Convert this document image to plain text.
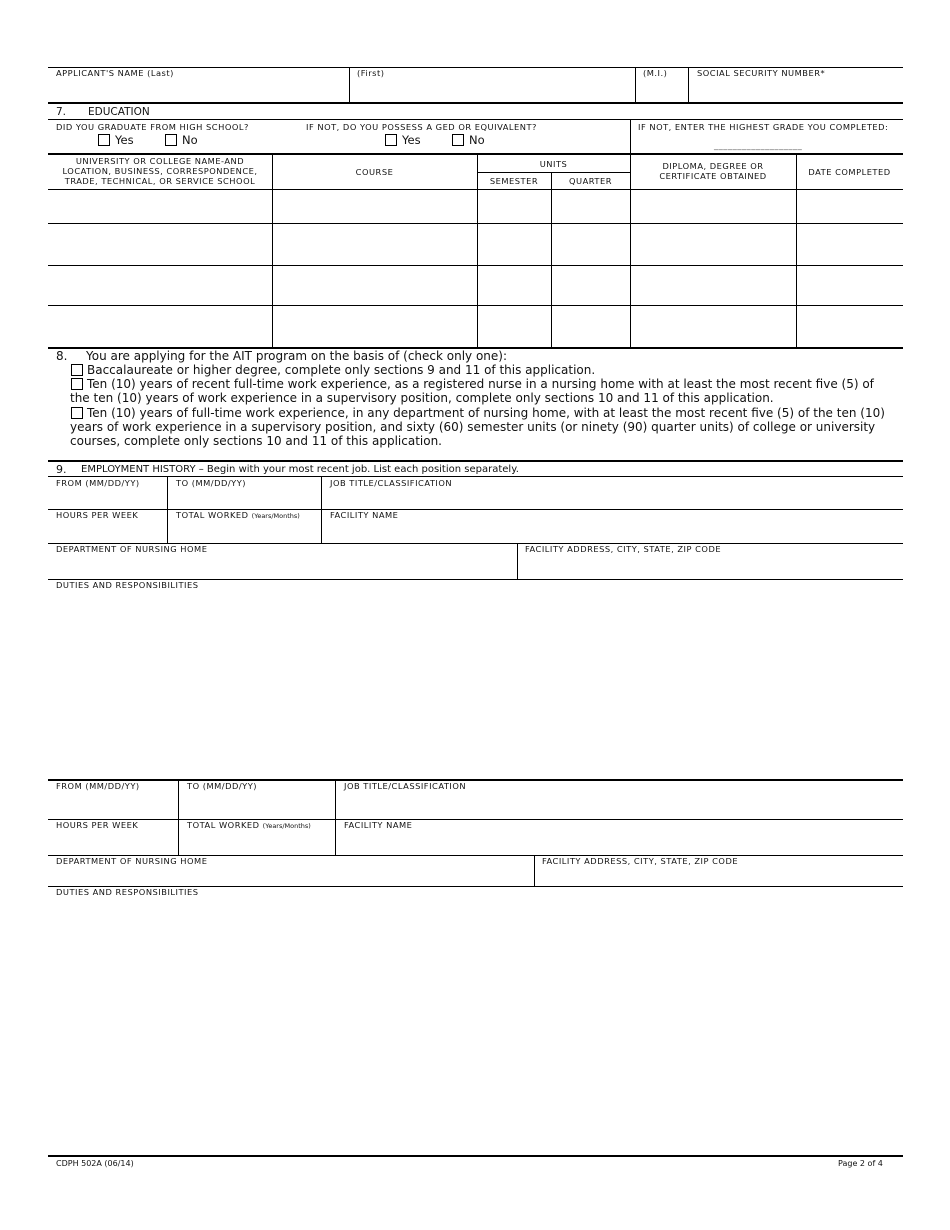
APPLICANT'S NAME (Last)	(First)	(M.I.)	SOCIAL SECURITY NUMBER*
7. EDUCATION
DID YOU GRADUATE FROM HIGH SCHOOL?
Yes	No
IF NOT, DO YOU POSSESS A GED OR EQUIVALENT?
Yes	No
IF NOT, ENTER THE HIGHEST GRADE YOU COMPLETED:
___________________
UNIVERSITY OR COLLEGE NAME-AND LOCATION, BUSINESS, CORRESPONDENCE, TRADE, TECHNICAL, OR SERVICE SCHOOL
COURSE
UNITS
SEMESTER	QUARTER
DIPLOMA, DEGREE OR CERTIFICATE OBTAINED	DATE COMPLETED
8. You are applying for the AIT program on the basis of (check only one):
Baccalaureate or higher degree, complete only sections 9 and 11 of this application.
Ten (10) years of recent full-time work experience, as a registered nurse in a nursing home with at least the most recent five (5) of the ten (10) years of work experience in a supervisory position, complete only sections 10 and 11 of this application.
Ten (10) years of full-time work experience, in any department of nursing home, with at least the most recent five (5) of the ten (10) years of work experience in a supervisory position, and sixty (60) semester units (or ninety (90) quarter units) of college or university courses, complete only sections 10 and 11 of this application.
9. EMPLOYMENT HISTORY – Begin with your most recent job. List each position separately.
FROM (MM/DD/YY)	TO (MM/DD/YY)	JOB TITLE/CLASSIFICATION
HOURS PER WEEK	TOTAL WORKED (Years/Months)	FACILITY NAME
DEPARTMENT OF NURSING HOME	FACILITY ADDRESS, CITY, STATE, ZIP CODE
DUTIES AND RESPONSIBILITIES
FROM (MM/DD/YY)	TO (MM/DD/YY)	JOB TITLE/CLASSIFICATION
HOURS PER WEEK	TOTAL WORKED (Years/Months)	FACILITY NAME
DEPARTMENT OF NURSING HOME	FACILITY ADDRESS, CITY, STATE, ZIP CODE
DUTIES AND RESPONSIBILITIES
CDPH 502A (06/14)	Page 2 of 4
